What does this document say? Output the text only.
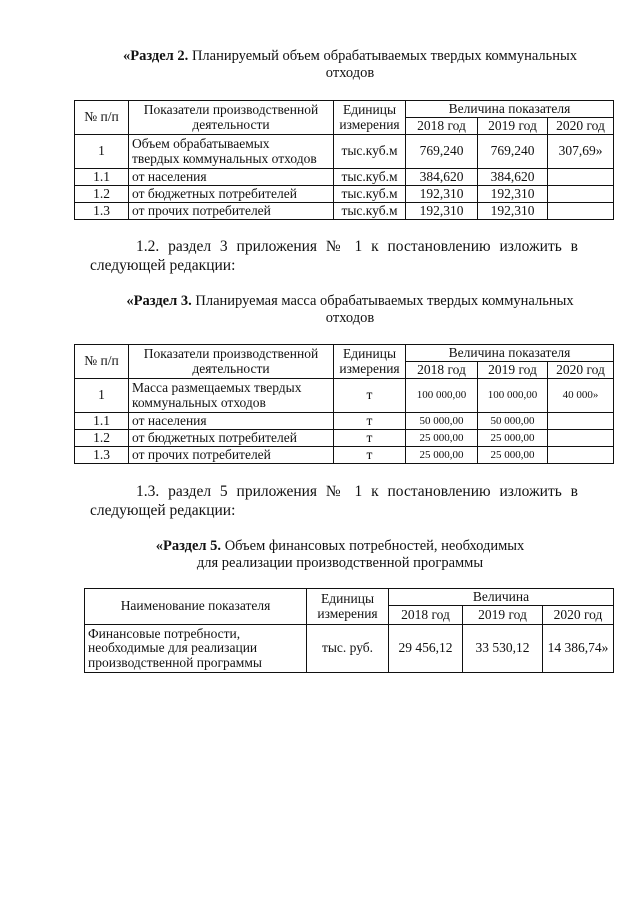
«Раздел 2. Планируемый объем обрабатываемых твердых коммунальных
отходов
№ п/п	Показатели производственной
деятельности	Единицы
измерения	Величина показателя		
			2018 год	2019 год	2020 год
1	Объем обрабатываемых
твердых коммунальных отходов	тыс.куб.м	769,240	769,240	307,69»
1.1	от населения	тыс.куб.м	384,620	384,620	
1.2	от бюджетных потребителей	тыс.куб.м	192,310	192,310	
1.3	от прочих потребителей	тыс.куб.м	192,310	192,310	
1.2. раздел 3 приложения № 1 к постановлению изложить в
следующей редакции:
«Раздел 3. Планируемая масса обрабатываемых твердых коммунальных
отходов
№ п/п	Показатели производственной
деятельности	Единицы
измерения	Величина показателя		
			2018 год	2019 год	2020 год
1	Масса размещаемых твердых
коммунальных отходов	т	100 000,00	100 000,00	40 000»
1.1	от населения	т	50 000,00	50 000,00	
1.2	от бюджетных потребителей	т	25 000,00	25 000,00	
1.3	от прочих потребителей	т	25 000,00	25 000,00	
1.3. раздел 5 приложения № 1 к постановлению изложить в
следующей редакции:
«Раздел 5. Объем финансовых потребностей, необходимых
для реализации производственной программы
Наименование показателя	Единицы
измерения	Величина		
		2018 год	2019 год	2020 год
Финансовые потребности,
необходимые для реализации
производственной программы	тыс. руб.	29 456,12	33 530,12	14 386,74»
